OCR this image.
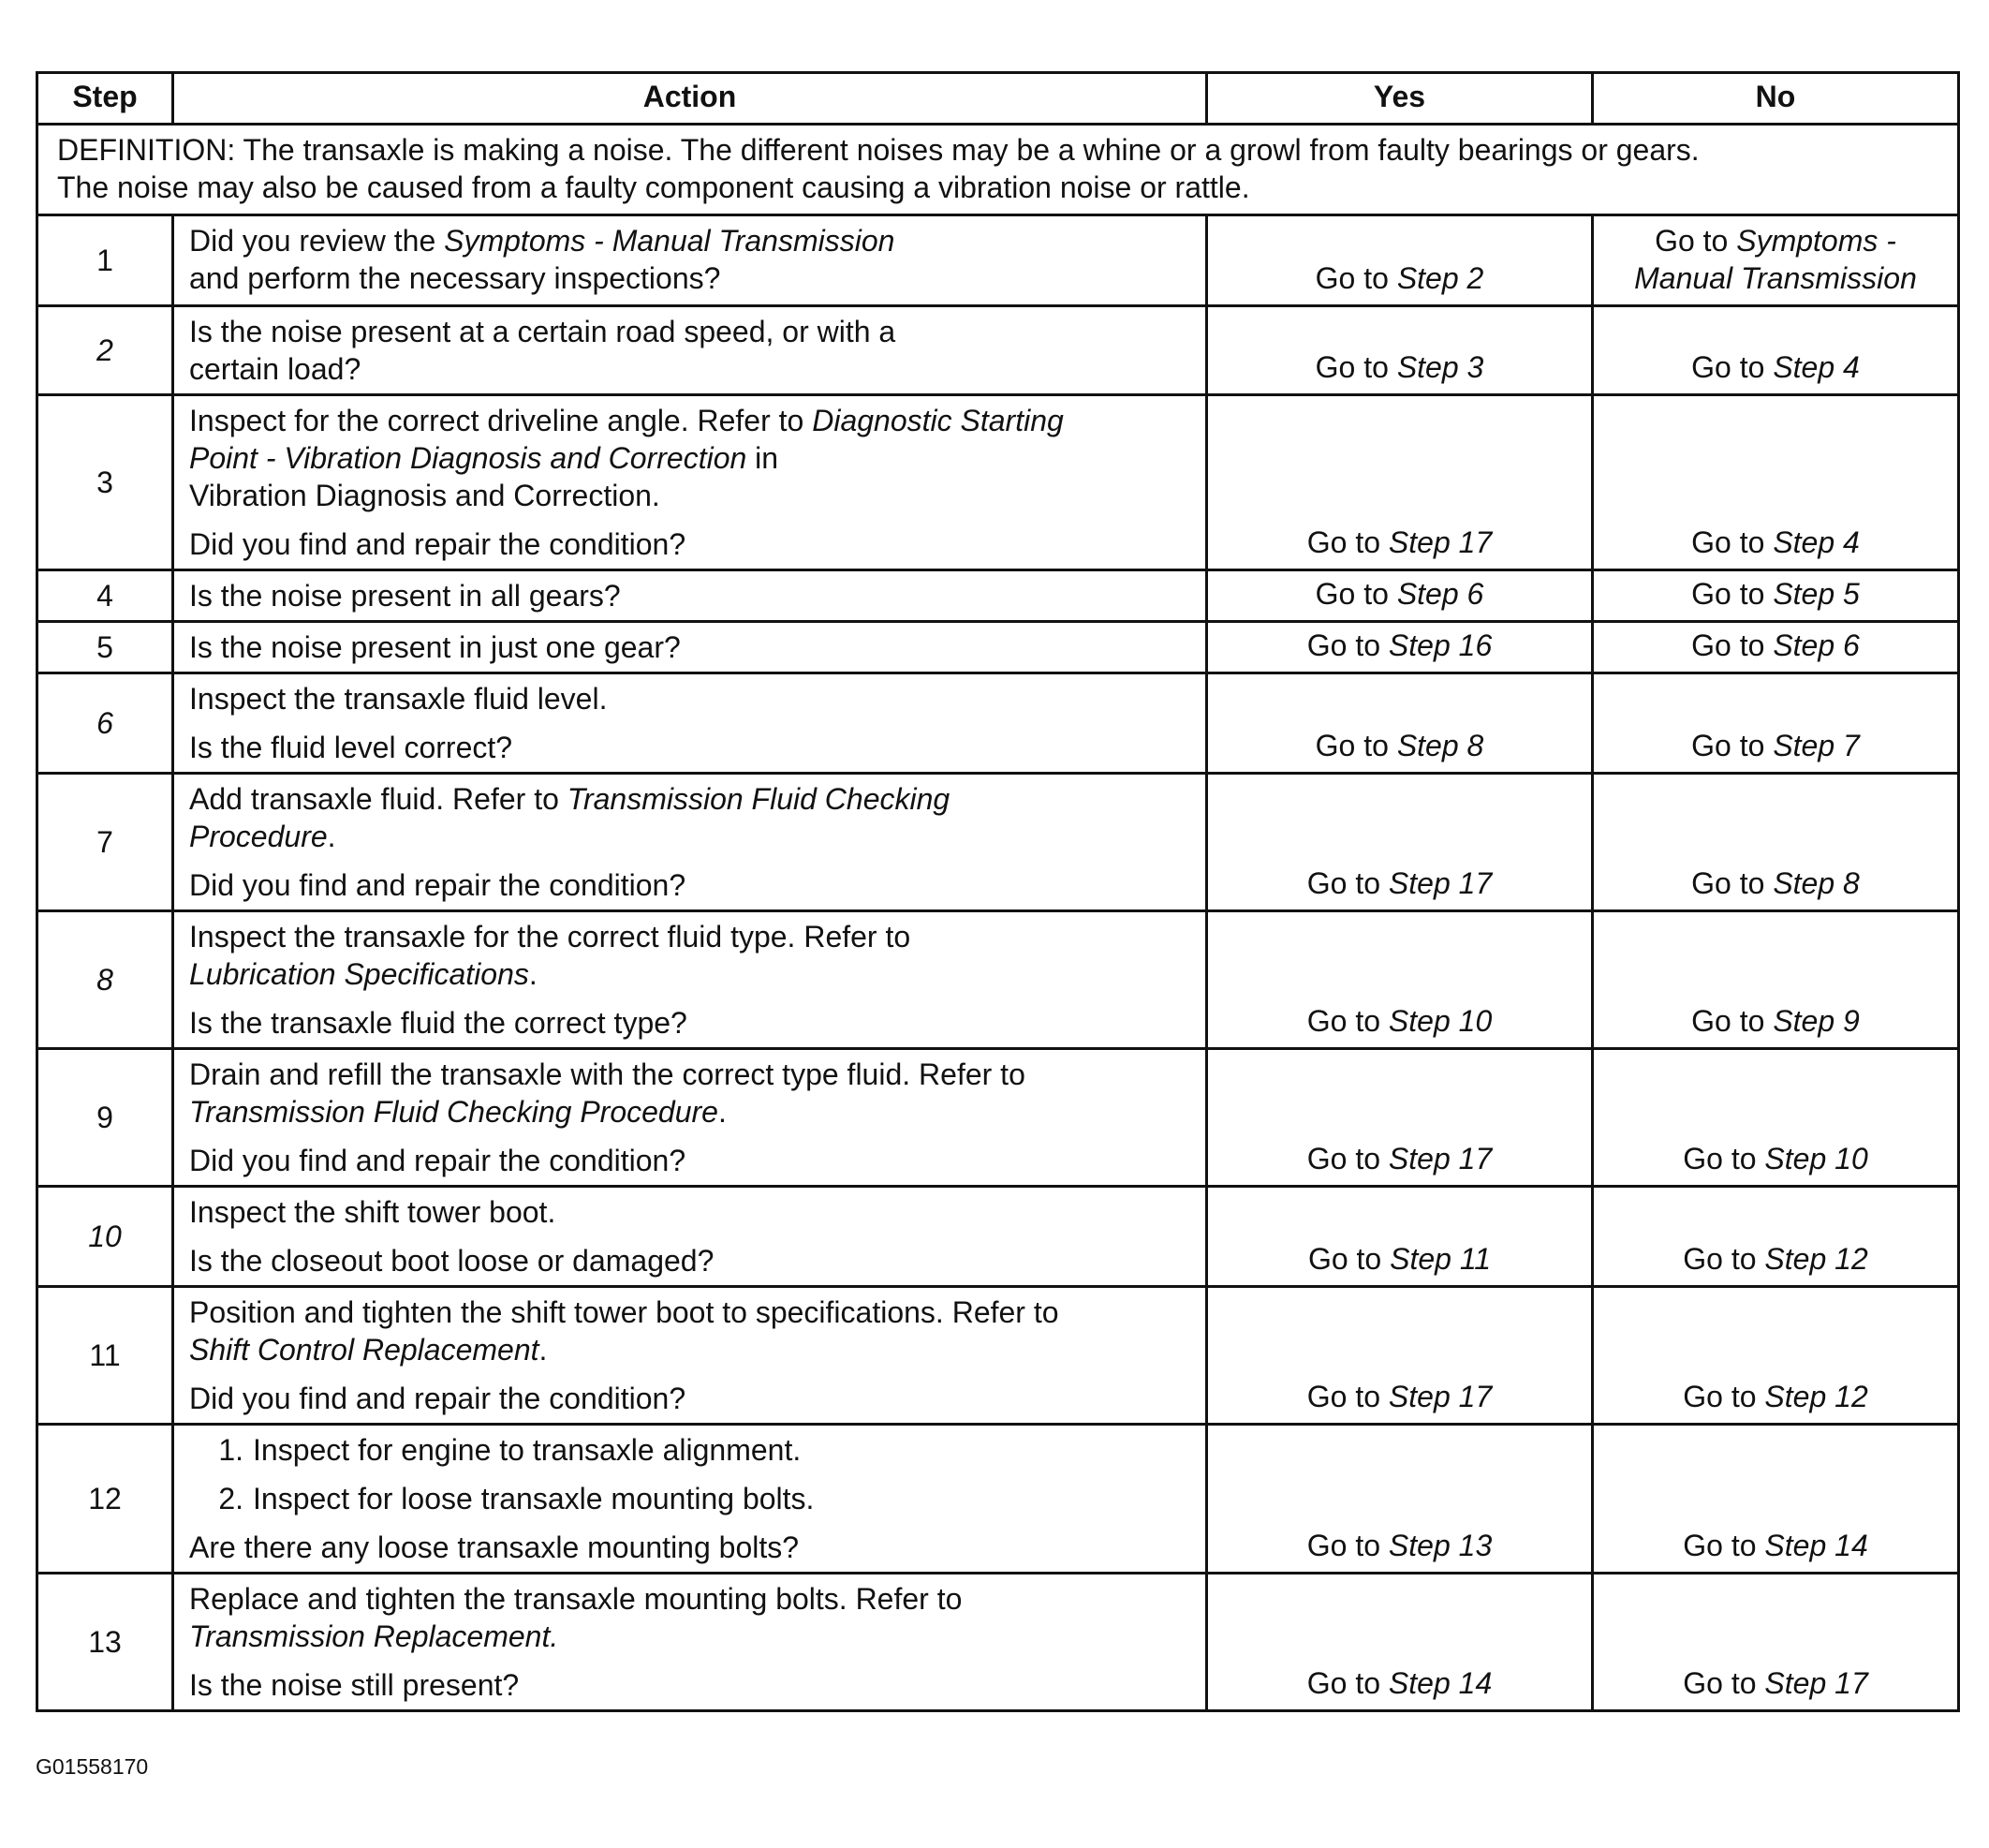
Step	Action	Yes	No

DEFINITION: The transaxle is making a noise. The different noises may be a whine or a growl from faulty bearings or gears.
The noise may also be caused from a faulty component causing a vibration noise or rattle.			

1	Did you review the Symptoms - Manual Transmission
and perform the necessary inspections?	Go to Step 2	Go to Symptoms -
Manual Transmission
2	Is the noise present at a certain road speed, or with a
certain load?	Go to Step 3	Go to Step 4
3	Inspect for the correct driveline angle. Refer to Diagnostic Starting
Point - Vibration Diagnosis and Correction in
Vibration Diagnosis and Correction.
Did you find and repair the condition?	Go to Step 17	Go to Step 4
4	Is the noise present in all gears?	Go to Step 6	Go to Step 5
5	Is the noise present in just one gear?	Go to Step 16	Go to Step 6
6	Inspect the transaxle fluid level.
Is the fluid level correct?	Go to Step 8	Go to Step 7
7	Add transaxle fluid. Refer to Transmission Fluid Checking
Procedure.
Did you find and repair the condition?	Go to Step 17	Go to Step 8
8	Inspect the transaxle for the correct fluid type. Refer to
Lubrication Specifications.
Is the transaxle fluid the correct type?	Go to Step 10	Go to Step 9
9	Drain and refill the transaxle with the correct type fluid. Refer to
Transmission Fluid Checking Procedure.
Did you find and repair the condition?	Go to Step 17	Go to Step 10
10	Inspect the shift tower boot.
Is the closeout boot loose or damaged?	Go to Step 11	Go to Step 12
11	Position and tighten the shift tower boot to specifications. Refer to
Shift Control Replacement.
Did you find and repair the condition?	Go to Step 17	Go to Step 12
12	1. Inspect for engine to transaxle alignment.
2. Inspect for loose transaxle mounting bolts.
Are there any loose transaxle mounting bolts?	Go to Step 13	Go to Step 14
13	Replace and tighten the transaxle mounting bolts. Refer to
Transmission Replacement.
Is the noise still present?	Go to Step 14	Go to Step 17
G01558170
